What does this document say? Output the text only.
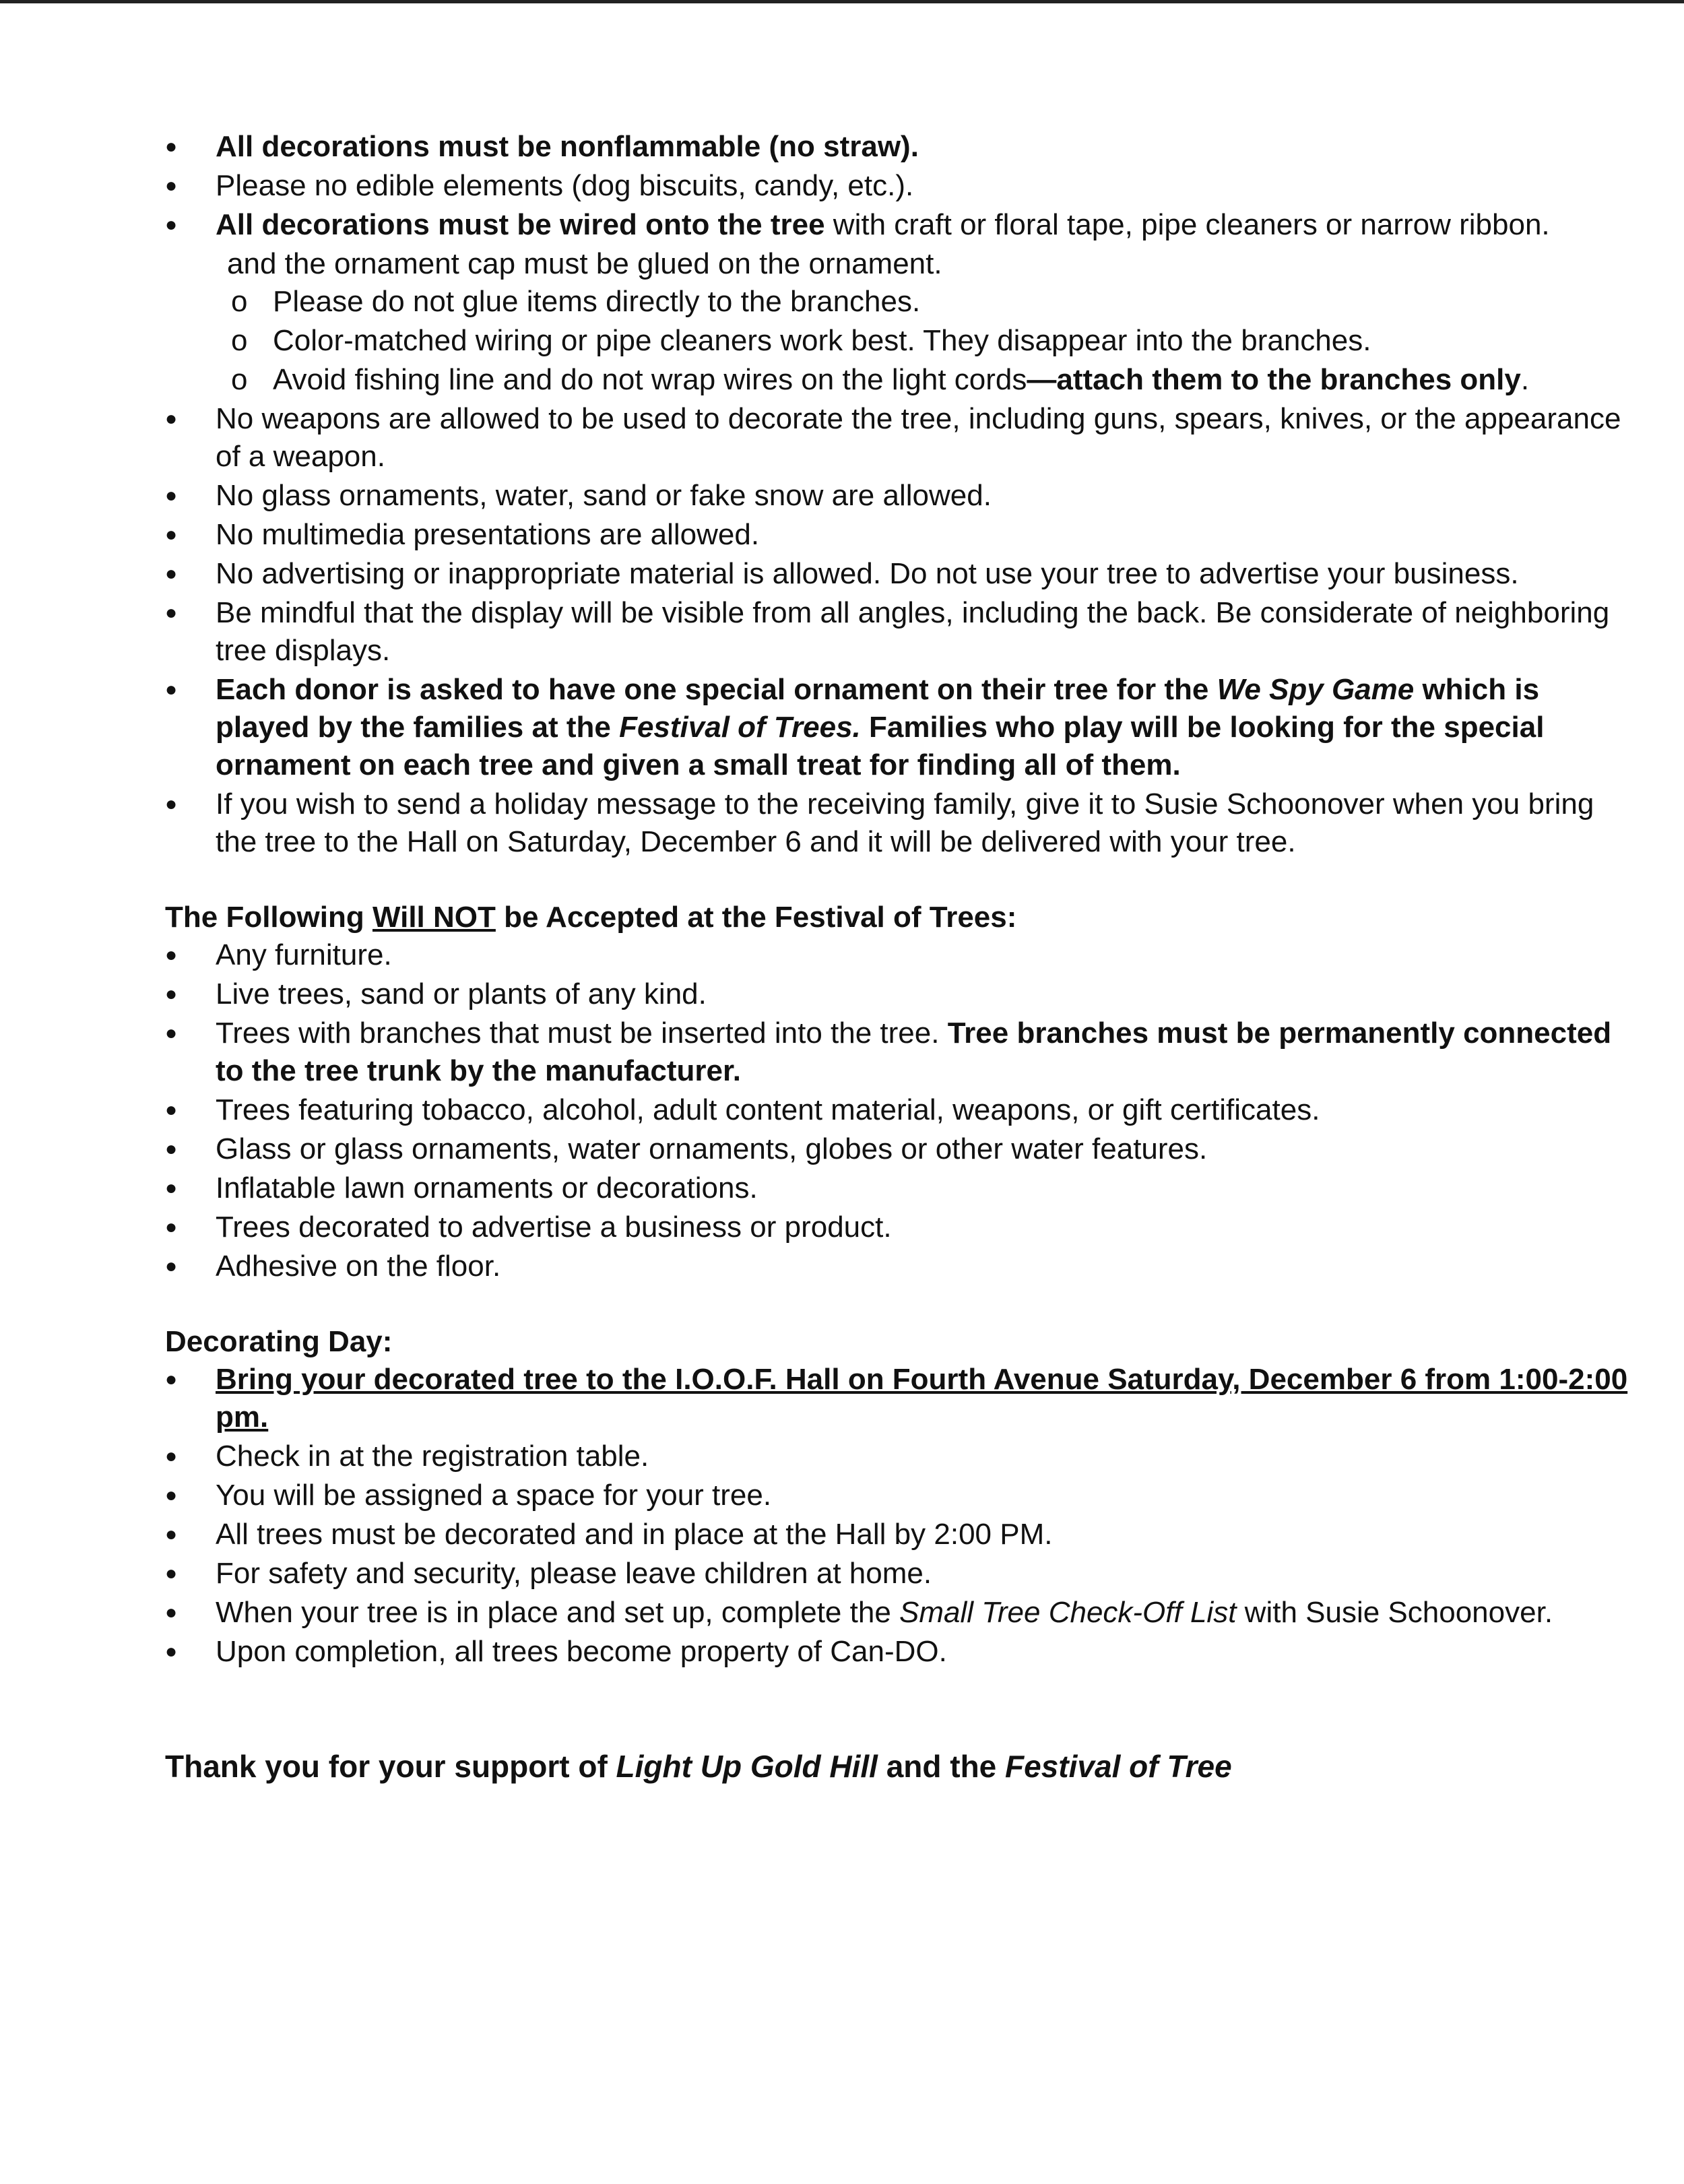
● All decorations must be nonflammable (no straw).
● Please no edible elements (dog biscuits, candy, etc.).
● All decorations must be wired onto the tree with craft or floral tape, pipe cleaners or narrow ribbon.

and the ornament cap must be glued on the ornament.

o Please do not glue items directly to the branches.
o Color-matched wiring or pipe cleaners work best. They disappear into the branches.
o Avoid fishing line and do not wrap wires on the light cords—attach them to the branches only.
● No weapons are allowed to be used to decorate the tree, including guns, spears, knives, or the appearance of a weapon.
● No glass ornaments, water, sand or fake snow are allowed.
● No multimedia presentations are allowed.
● No advertising or inappropriate material is allowed. Do not use your tree to advertise your business.
● Be mindful that the display will be visible from all angles, including the back. Be considerate of neighboring tree displays.
● Each donor is asked to have one special ornament on their tree for the We Spy Game which is played by the families at the Festival of Trees. Families who play will be looking for the special ornament on each tree and given a small treat for finding all of them.
● If you wish to send a holiday message to the receiving family, give it to Susie Schoonover when you bring the tree to the Hall on Saturday, December 6 and it will be delivered with your tree.

The Following Will NOT be Accepted at the Festival of Trees:

● Any furniture.
● Live trees, sand or plants of any kind.
● Trees with branches that must be inserted into the tree. Tree branches must be permanently connected to the tree trunk by the manufacturer.
● Trees featuring tobacco, alcohol, adult content material, weapons, or gift certificates.
● Glass or glass ornaments, water ornaments, globes or other water features.
● Inflatable lawn ornaments or decorations.
● Trees decorated to advertise a business or product.
● Adhesive on the floor.

Decorating Day:

● Bring your decorated tree to the I.O.O.F. Hall on Fourth Avenue Saturday, December 6 from 1:00-2:00 pm.
● Check in at the registration table.
● You will be assigned a space for your tree.
● All trees must be decorated and in place at the Hall by 2:00 PM.
● For safety and security, please leave children at home.
● When your tree is in place and set up, complete the Small Tree Check-Off List with Susie Schoonover.
● Upon completion, all trees become property of Can-DO.

Thank you for your support of Light Up Gold Hill and the Festival of Tree
